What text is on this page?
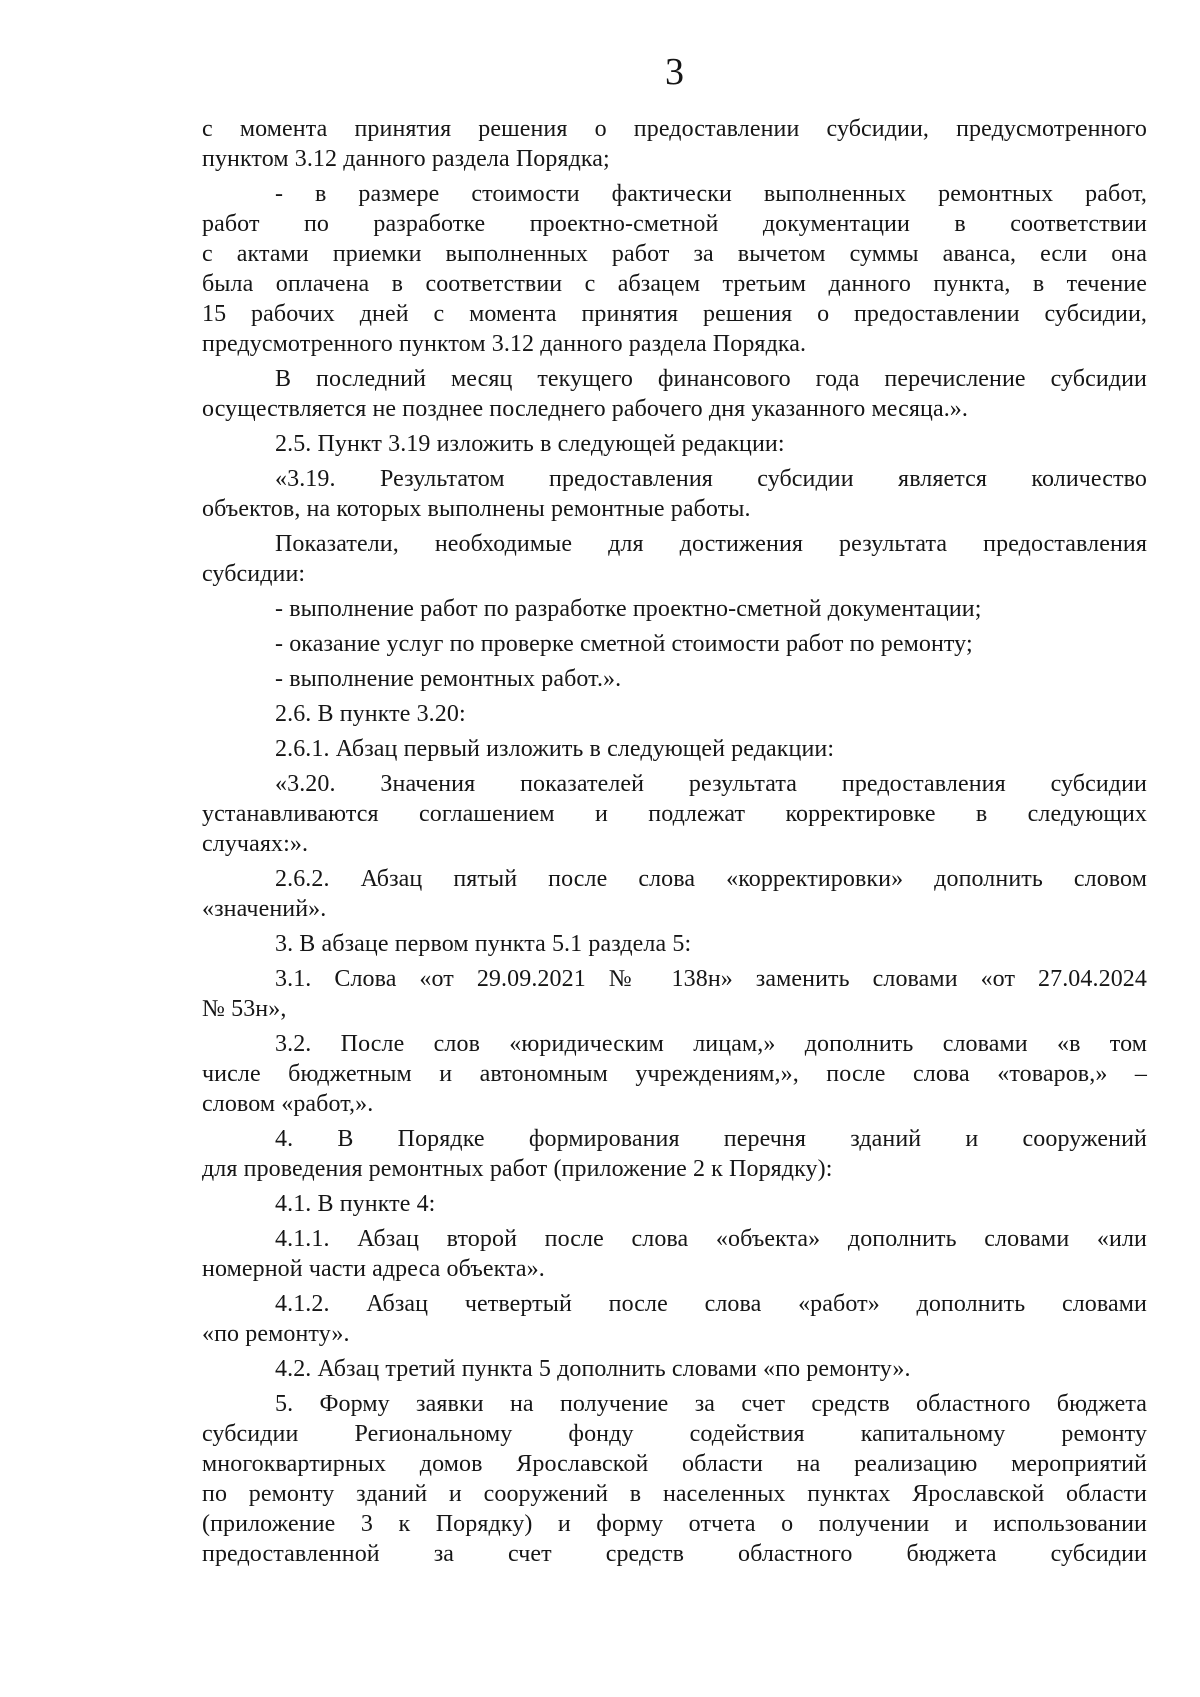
3
с момента принятия решения о предоставлении субсидии, предусмотренного
пунктом 3.12 данного раздела Порядка;
- в размере стоимости фактически выполненных ремонтных работ,
работ по разработке проектно-сметной документации в соответствии
с актами приемки выполненных работ за вычетом суммы аванса, если она
была оплачена в соответствии с абзацем третьим данного пункта, в течение
15 рабочих дней с момента принятия решения о предоставлении субсидии,
предусмотренного пунктом 3.12 данного раздела Порядка.
В последний месяц текущего финансового года перечисление субсидии
осуществляется не позднее последнего рабочего дня указанного месяца.».
2.5. Пункт 3.19 изложить в следующей редакции:
«3.19. Результатом предоставления субсидии является количество
объектов, на которых выполнены ремонтные работы.
Показатели, необходимые для достижения результата предоставления
субсидии:
- выполнение работ по разработке проектно-сметной документации;
- оказание услуг по проверке сметной стоимости работ по ремонту;
- выполнение ремонтных работ.».
2.6. В пункте 3.20:
2.6.1. Абзац первый изложить в следующей редакции:
«3.20. Значения показателей результата предоставления субсидии
устанавливаются соглашением и подлежат корректировке в следующих
случаях:».
2.6.2. Абзац пятый после слова «корректировки» дополнить словом
«значений».
3. В абзаце первом пункта 5.1 раздела 5:
3.1. Слова «от 29.09.2021 № 138н» заменить словами «от 27.04.2024
№ 53н»,
3.2. После слов «юридическим лицам,» дополнить словами «в том
числе бюджетным и автономным учреждениям,», после слова «товаров,» –
словом «работ,».
4. В Порядке формирования перечня зданий и сооружений
для проведения ремонтных работ (приложение 2 к Порядку):
4.1. В пункте 4:
4.1.1. Абзац второй после слова «объекта» дополнить словами «или
номерной части адреса объекта».
4.1.2. Абзац четвертый после слова «работ» дополнить словами
«по ремонту».
4.2. Абзац третий пункта 5 дополнить словами «по ремонту».
5. Форму заявки на получение за счет средств областного бюджета
субсидии Региональному фонду содействия капитальному ремонту
многоквартирных домов Ярославской области на реализацию мероприятий
по ремонту зданий и сооружений в населенных пунктах Ярославской области
(приложение 3 к Порядку) и форму отчета о получении и использовании
предоставленной за счет средств областного бюджета субсидии
